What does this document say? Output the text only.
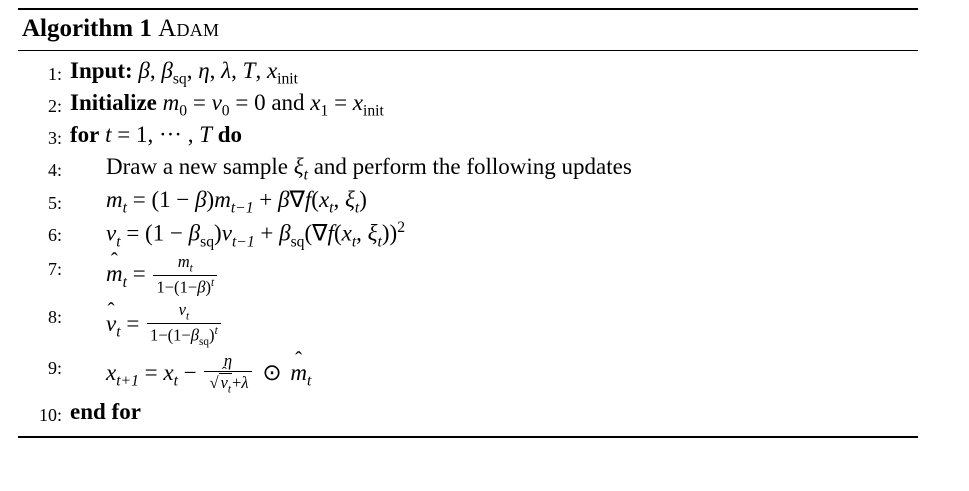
Algorithm 1 Adam
1: Input: β, $\beta_{sq}$, η, λ, T, $x_{init}$
2: Initialize $m_0 = v_0 = 0$ and $x_1 = x_{init}$
3: for t = 1, ··· , T do
4:	Draw a new sample $\xi_t$ and perform the following updates
5:	$m_t = (1 - \beta)m_{t-1} + \beta\nabla f(x_t$, $\xi_t$)
6:	$v_t = (1 - \beta_{sq})v_{t-1} + \beta_{sq}(\nabla f(x_t$, $\xi_t))^2$
7:	$m_t = \frac{m_t}{1-(1-\beta)^t}$
8:	$v_t = \frac{v_t}{1-(1-\beta_{sq})^t}$
9:	$x_{t+1} = x_t - \frac{\eta}{√ v_t+\lambda}$ ⊙ $m_t$
10: end for
